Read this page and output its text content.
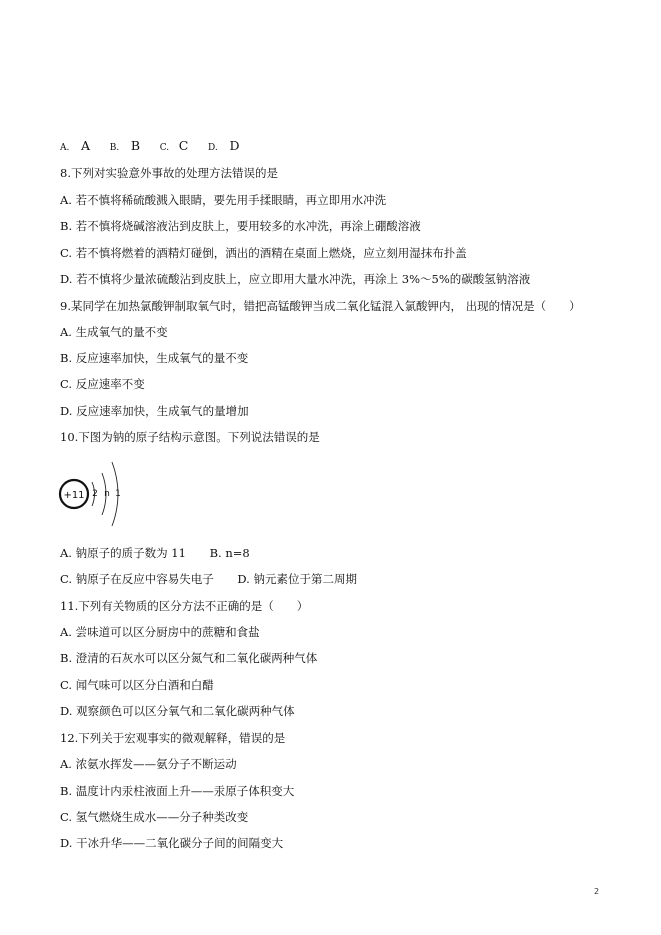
A. A B. B C. C D. D
8.下列对实验意外事故的处理方法错误的是
A. 若不慎将稀硫酸溅入眼睛，要先用手揉眼睛，再立即用水冲洗
B. 若不慎将烧碱溶液沾到皮肤上，要用较多的水冲洗，再涂上硼酸溶液
C. 若不慎将燃着的酒精灯碰倒，洒出的酒精在桌面上燃烧，应立刻用湿抹布扑盖
D. 若不慎将少量浓硫酸沾到皮肤上，应立即用大量水冲洗，再涂上 3%～5%的碳酸氢钠溶液
9.某同学在加热氯酸钾制取氧气时，错把高锰酸钾当成二氧化锰混入氯酸钾内， 出现的情况是（　　）
A. 生成氧气的量不变
B. 反应速率加快，生成氧气的量不变
C. 反应速率不变
D. 反应速率加快，生成氧气的量增加
10.下图为钠的原子结构示意图。下列说法错误的是
+11 2 n 1
A. 钠原子的质子数为 11 B. n=8
C. 钠原子在反应中容易失电子 D. 钠元素位于第二周期
11.下列有关物质的区分方法不正确的是（　　）
A. 尝味道可以区分厨房中的蔗糖和食盐
B. 澄清的石灰水可以区分氮气和二氧化碳两种气体
C. 闻气味可以区分白酒和白醋
D. 观察颜色可以区分氧气和二氧化碳两种气体
12.下列关于宏观事实的微观解释，错误的是
A. 浓氨水挥发——氨分子不断运动
B. 温度计内汞柱液面上升——汞原子体积变大
C. 氢气燃烧生成水——分子种类改变
D. 干冰升华——二氧化碳分子间的间隔变大
2
